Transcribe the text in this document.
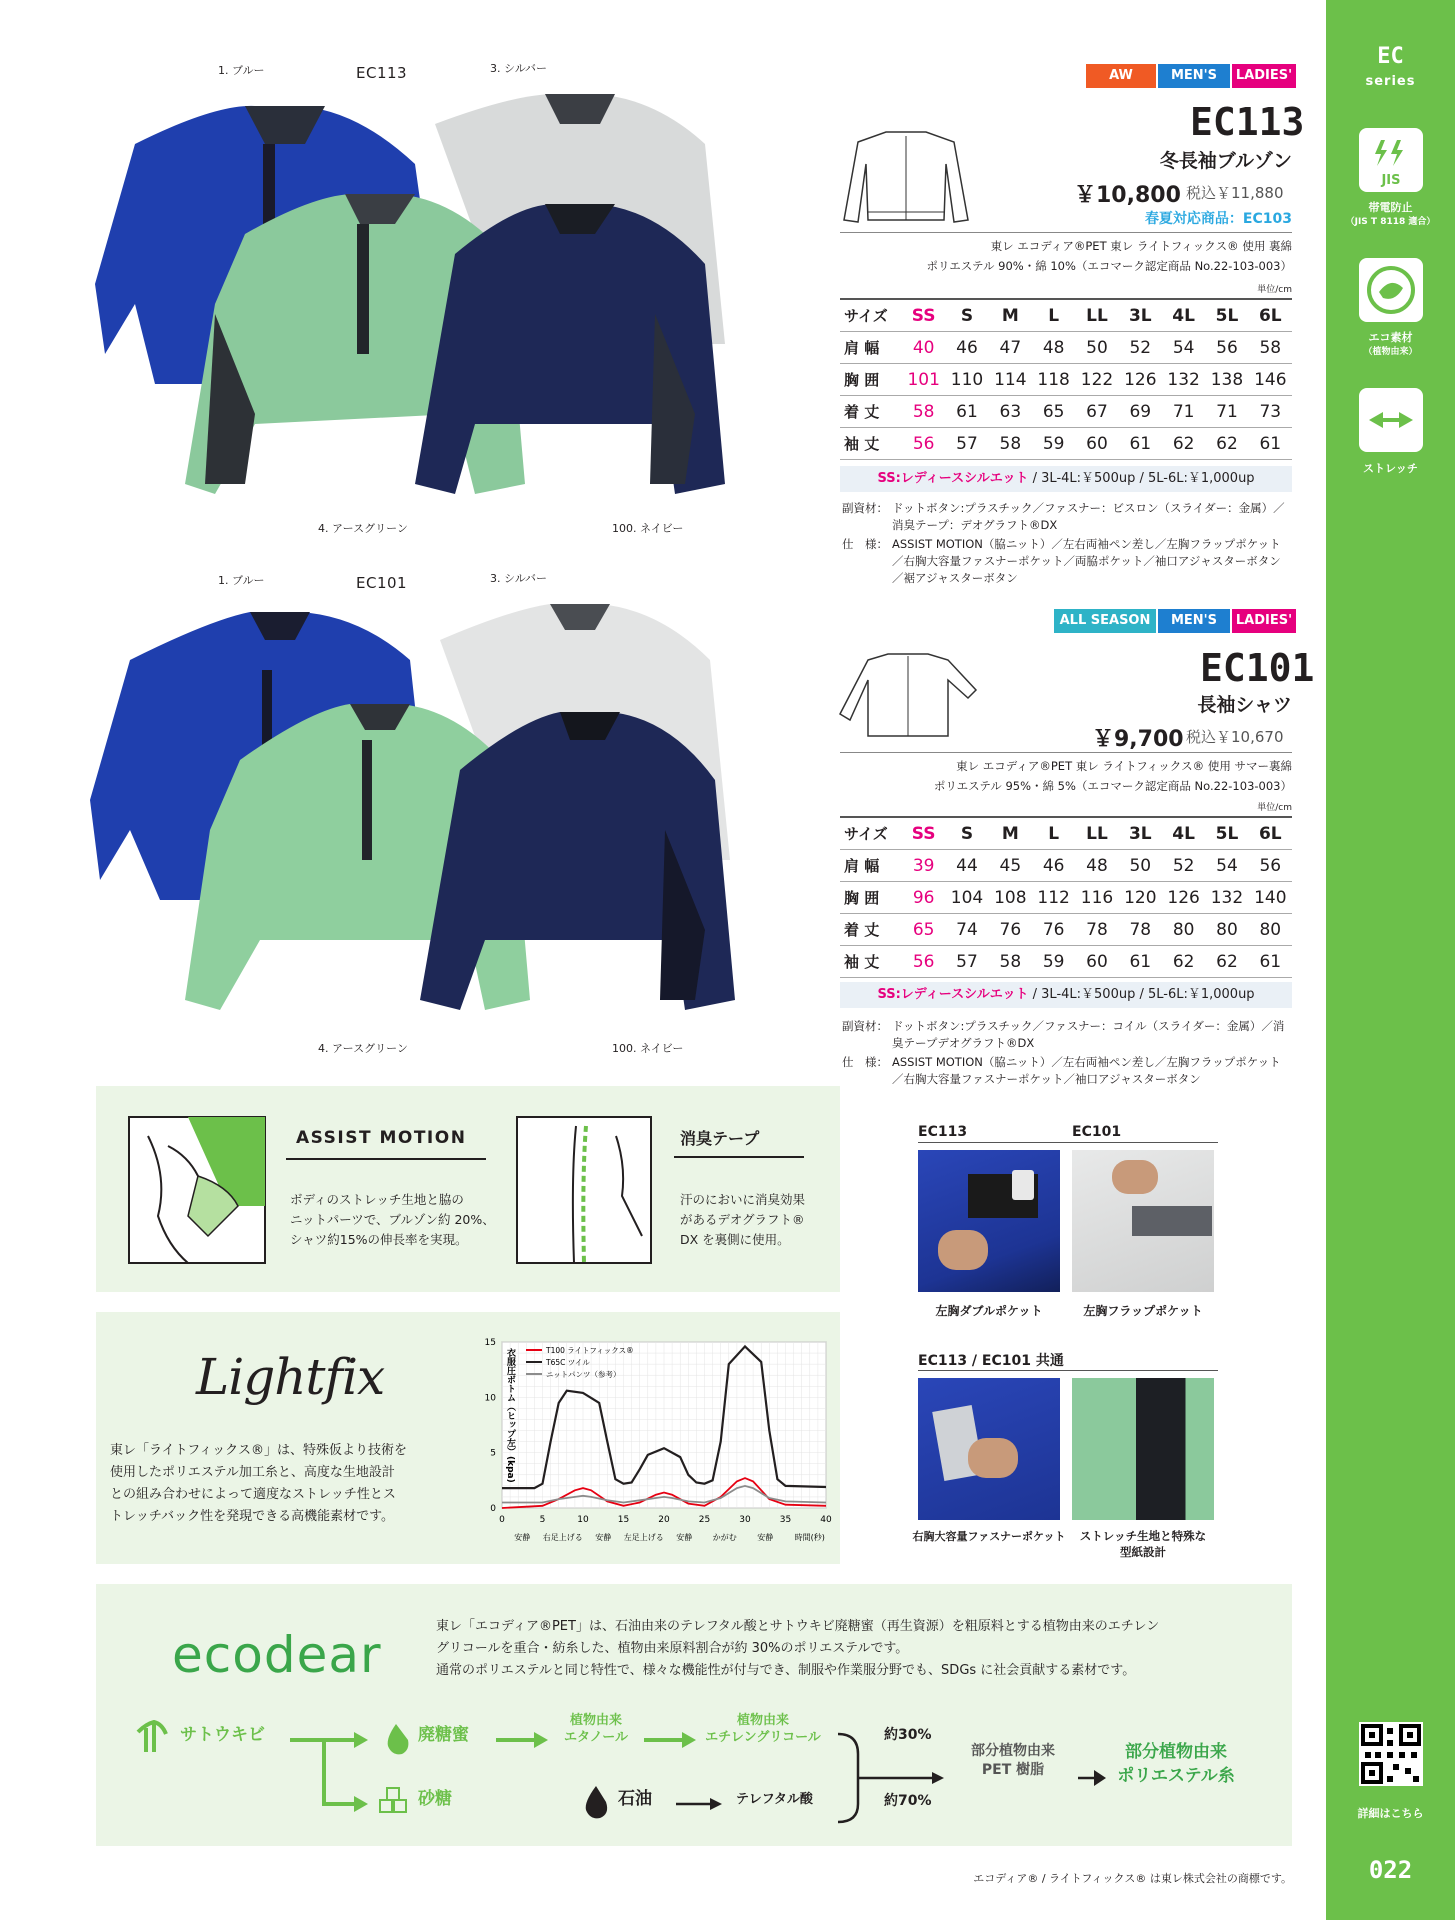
EC
series
JIS
帯電防止
（JIS T 8118 適合）
エコ素材
（植物由来）
ストレッチ
詳細はこちら
022
1. ブルー	EC113	3. シルバー
4. アースグリーン	100. ネイビー
AW	MEN'S	LADIES'
EC113
冬長袖ブルゾン
￥10,800 税込￥11,880
春夏対応商品：EC103
東レ エコディア®PET 東レ ライトフィックス® 使用 裏綿
ポリエステル 90%・綿 10%（エコマーク認定商品 No.22-103-003）
単位/cm
サイズ	SS	S	M	L	LL	3L	4L	5L	6L
肩 幅	40	46	47	48	50	52	54	56	58
胸 囲	101 110 114 118 122 126 132 138 146
着 丈	58	61	63	65	67	69	71	71	73
袖 丈	56	57	58	59	60	61	62	62	61
SS:レディースシルエット / 3L-4L:￥500up / 5L-6L:￥1,000up
副資材： ドットボタン:プラスチック／ファスナー：ビスロン（スライダー：金属）／消臭テープ：デオグラフト®DX
仕　様： ASSIST MOTION（脇ニット）／左右両袖ペン差し／左胸フラップポケット／右胸大容量ファスナーポケット／両脇ポケット／袖口アジャスターボタン／裾アジャスターボタン
1. ブルー	EC101	3. シルバー
4. アースグリーン	100. ネイビー
ALL SEASON	MEN'S	LADIES'
EC101
長袖シャツ
￥9,700 税込￥10,670
東レ エコディア®PET 東レ ライトフィックス® 使用 サマー裏綿
ポリエステル 95%・綿 5%（エコマーク認定商品 No.22-103-003）
単位/cm
サイズ	SS	S	M	L	LL	3L	4L	5L	6L
肩 幅	39	44	45	46	48	50	52	54	56
胸 囲	96 104 108 112 116 120 126 132 140
着 丈	65	74	76	76	78	78	80	80	80
袖 丈	56	57	58	59	60	61	62	62	61
SS:レディースシルエット / 3L-4L:￥500up / 5L-6L:￥1,000up
副資材： ドットボタン:プラスチック／ファスナー：コイル（スライダー：金属）／消臭テープデオグラフト®DX
仕　様： ASSIST MOTION（脇ニット）／左右両袖ペン差し／左胸フラップポケット／右胸大容量ファスナーポケット／袖口アジャスターボタン
ASSIST MOTION
ボディのストレッチ生地と脇の
ニットパーツで、ブルゾン約 20%、
シャツ約15%の伸長率を実現。
消臭テープ
汗のにおいに消臭効果
があるデオグラフト®
DX を裏側に使用。
EC113	EC101
左胸ダブルポケット	左胸フラップポケット
EC113 / EC101 共通
右胸大容量ファスナーポケット	ストレッチ生地と特殊な
型紙設計
Lightfix
東レ「ライトフィックス®」は、特殊仮より技術を
使用したポリエステル加工糸と、高度な生地設計
との組み合わせによって適度なストレッチ性とス
トレッチバック性を発現できる高機能素材です。	0	5	10	15	20	25	30	35	40
0
5
10
15
安静 右足上げる 安静 左足上げる 安静	かがむ	安静	時間(秒)
衣服圧ボトム（ヒップ左）(kpa)	T100 ライトフィックス®
T65C ツイル
ニットパンツ（参考）
ecodear	東レ「エコディア®PET」は、石油由来のテレフタル酸とサトウキビ廃糖蜜（再生資源）を粗原料とする植物由来のエチレン
グリコールを重合・紡糸した、植物由来原料割合が約 30%のポリエステルです。
通常のポリエステルと同じ特性で、様々な機能性が付与でき、制服や作業服分野でも、SDGs に社会貢献する素材です。
サトウキビ	廃糖蜜
植物由来
エタノール
植物由来
エチレングリコール
砂糖	石油	テレフタル酸
約30%
約70%
部分植物由来
PET 樹脂
部分植物由来
ポリエステル糸
エコディア® / ライトフィックス® は東レ株式会社の商標です。
